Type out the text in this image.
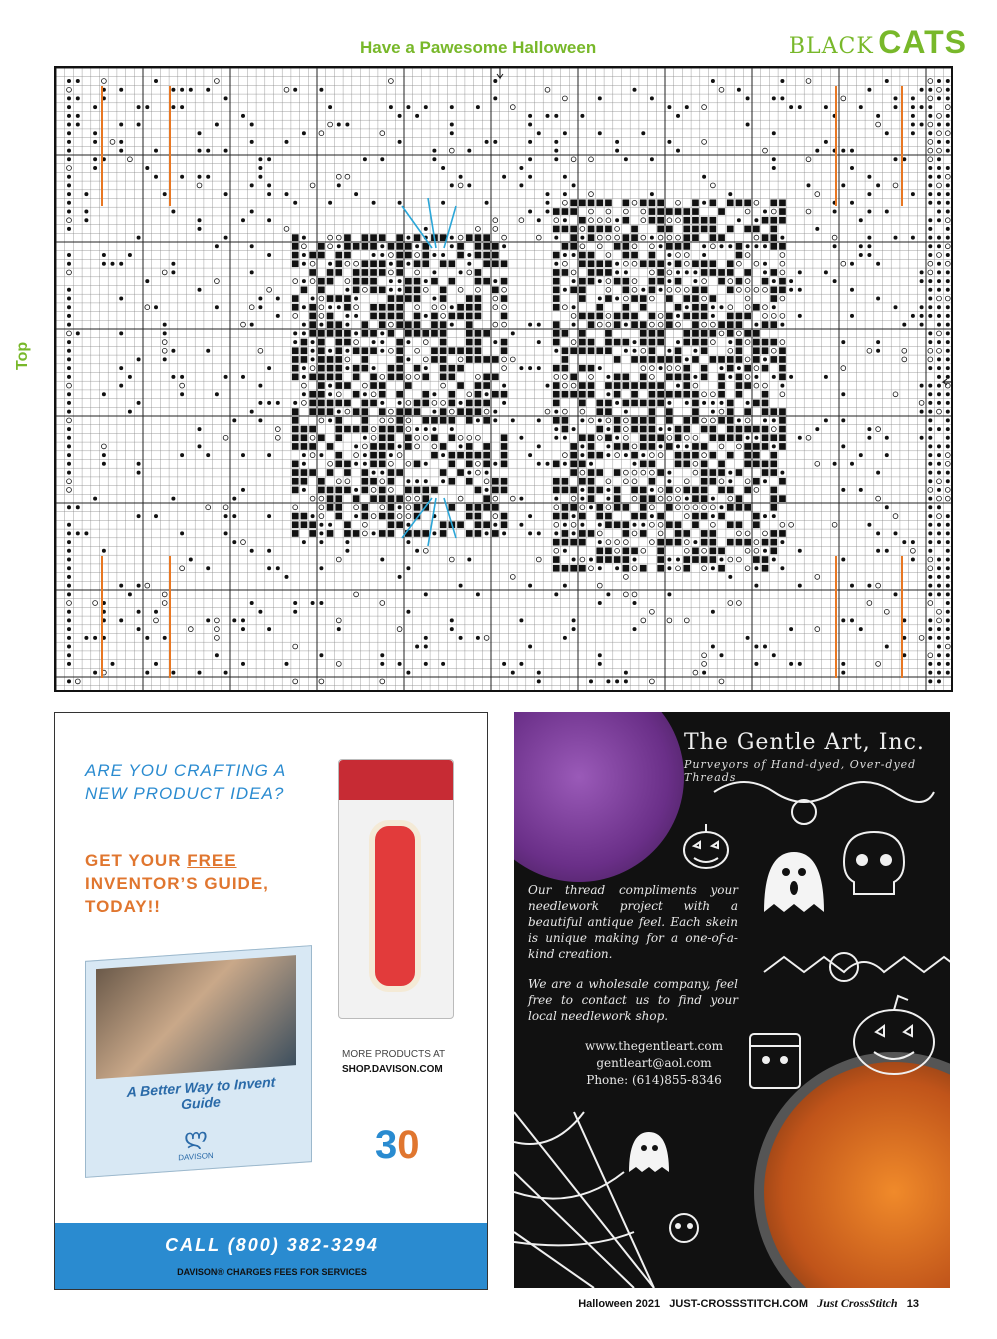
Have a Pawesome Halloween	BLACK CATS
Top
ARE YOU CRAFTING A NEW PRODUCT IDEA?
GET YOUR FREE INVENTOR’S GUIDE, TODAY!!
A Better Way to Invent Guide
ლ
DAVISON
MORE PRODUCTS AT
SHOP.DAVISON.COM
30
CALL (800) 382-3294
DAVISON® CHARGES FEES FOR SERVICES
The Gentle Art, Inc.
Purveyors of Hand-dyed, Over-dyed Threads
Our thread compliments your needlework project with a beautiful antique feel. Each skein is unique making for a one-of-a-kind creation.
We are a wholesale company, feel free to contact us to find your local needlework shop.
www.thegentleart.com
gentleart@aol.com
Phone: (614)855-8346
Halloween 2021 JUST-CROSSSTITCH.COM Just CrossStitch 13
